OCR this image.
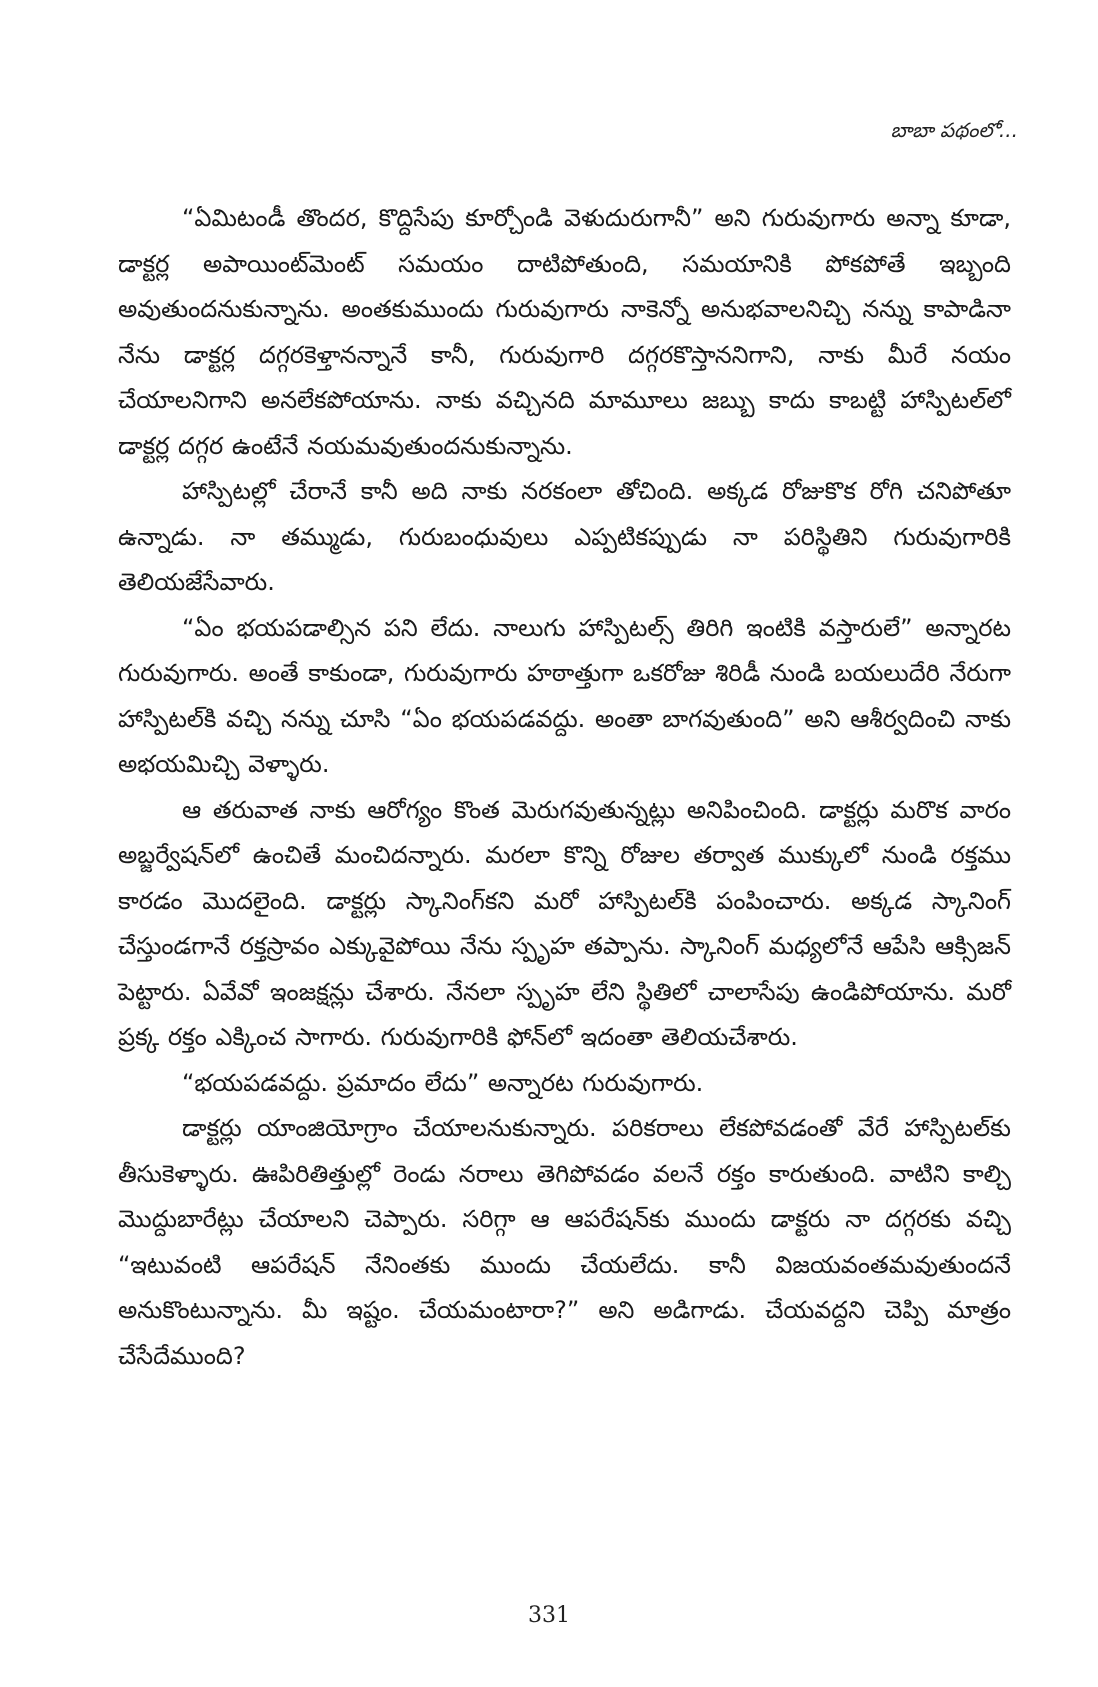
బాబా పథంలో...

“ఏమిటండీ తొందర, కొద్దిసేపు కూర్చోండి వెళుదురుగానీ” అని గురువుగారు అన్నా కూడా, డాక్టర్ల అపాయింట్‌మెంట్ సమయం దాటిపోతుంది, సమయానికి పోకపోతే ఇబ్బంది అవుతుందనుకున్నాను. అంతకుముందు గురువుగారు నాకెన్నో అనుభవాలనిచ్చి నన్ను కాపాడినా నేను డాక్టర్ల దగ్గరకెళ్తానన్నానే కానీ, గురువుగారి దగ్గరకొస్తాననిగాని, నాకు మీరే నయం చేయాలనిగాని అనలేకపోయాను. నాకు వచ్చినది మామూలు జబ్బు కాదు కాబట్టి హాస్పిటల్‌లో డాక్టర్ల దగ్గర ఉంటేనే నయమవుతుందనుకున్నాను.

హాస్పిటల్లో చేరానే కానీ అది నాకు నరకంలా తోచింది. అక్కడ రోజుకొక రోగి చనిపోతూ ఉన్నాడు. నా తమ్ముడు, గురుబంధువులు ఎప్పటికప్పుడు నా పరిస్థితిని గురువుగారికి తెలియజేసేవారు.

“ఏం భయపడాల్సిన పని లేదు. నాలుగు హాస్పిటల్స్ తిరిగి ఇంటికి వస్తారులే” అన్నారట గురువుగారు. అంతే కాకుండా, గురువుగారు హఠాత్తుగా ఒకరోజు శిరిడీ నుండి బయలుదేరి నేరుగా హాస్పిటల్‌కి వచ్చి నన్ను చూసి “ఏం భయపడవద్దు. అంతా బాగవుతుంది” అని ఆశీర్వదించి నాకు అభయమిచ్చి వెళ్ళారు.

ఆ తరువాత నాకు ఆరోగ్యం కొంత మెరుగవుతున్నట్లు అనిపించింది. డాక్టర్లు మరొక వారం అబ్జర్వేషన్‌లో ఉంచితే మంచిదన్నారు. మరలా కొన్ని రోజుల తర్వాత ముక్కులో నుండి రక్తము కారడం మొదలైంది. డాక్టర్లు స్కానింగ్‌కని మరో హాస్పిటల్‌కి పంపించారు. అక్కడ స్కానింగ్ చేస్తుండగానే రక్తస్రావం ఎక్కువైపోయి నేను స్పృహ తప్పాను. స్కానింగ్ మధ్యలోనే ఆపేసి ఆక్సిజన్ పెట్టారు. ఏవేవో ఇంజక్షన్లు చేశారు. నేనలా స్పృహ లేని స్థితిలో చాలాసేపు ఉండిపోయాను. మరో ప్రక్క రక్తం ఎక్కించ సాగారు. గురువుగారికి ఫోన్‌లో ఇదంతా తెలియచేశారు.

“భయపడవద్దు. ప్రమాదం లేదు” అన్నారట గురువుగారు.

డాక్టర్లు యాంజియోగ్రాం చేయాలనుకున్నారు. పరికరాలు లేకపోవడంతో వేరే హాస్పిటల్‌కు తీసుకెళ్ళారు. ఊపిరితిత్తుల్లో రెండు నరాలు తెగిపోవడం వలనే రక్తం కారుతుంది. వాటిని కాల్చి మొద్దుబారేట్లు చేయాలని చెప్పారు. సరిగ్గా ఆ ఆపరేషన్‌కు ముందు డాక్టరు నా దగ్గరకు వచ్చి “ఇటువంటి ఆపరేషన్ నేనింతకు ముందు చేయలేదు. కానీ విజయవంతమవుతుందనే అనుకొంటున్నాను. మీ ఇష్టం. చేయమంటారా?” అని అడిగాడు. చేయవద్దని చెప్పి మాత్రం చేసేదేముంది?

331
